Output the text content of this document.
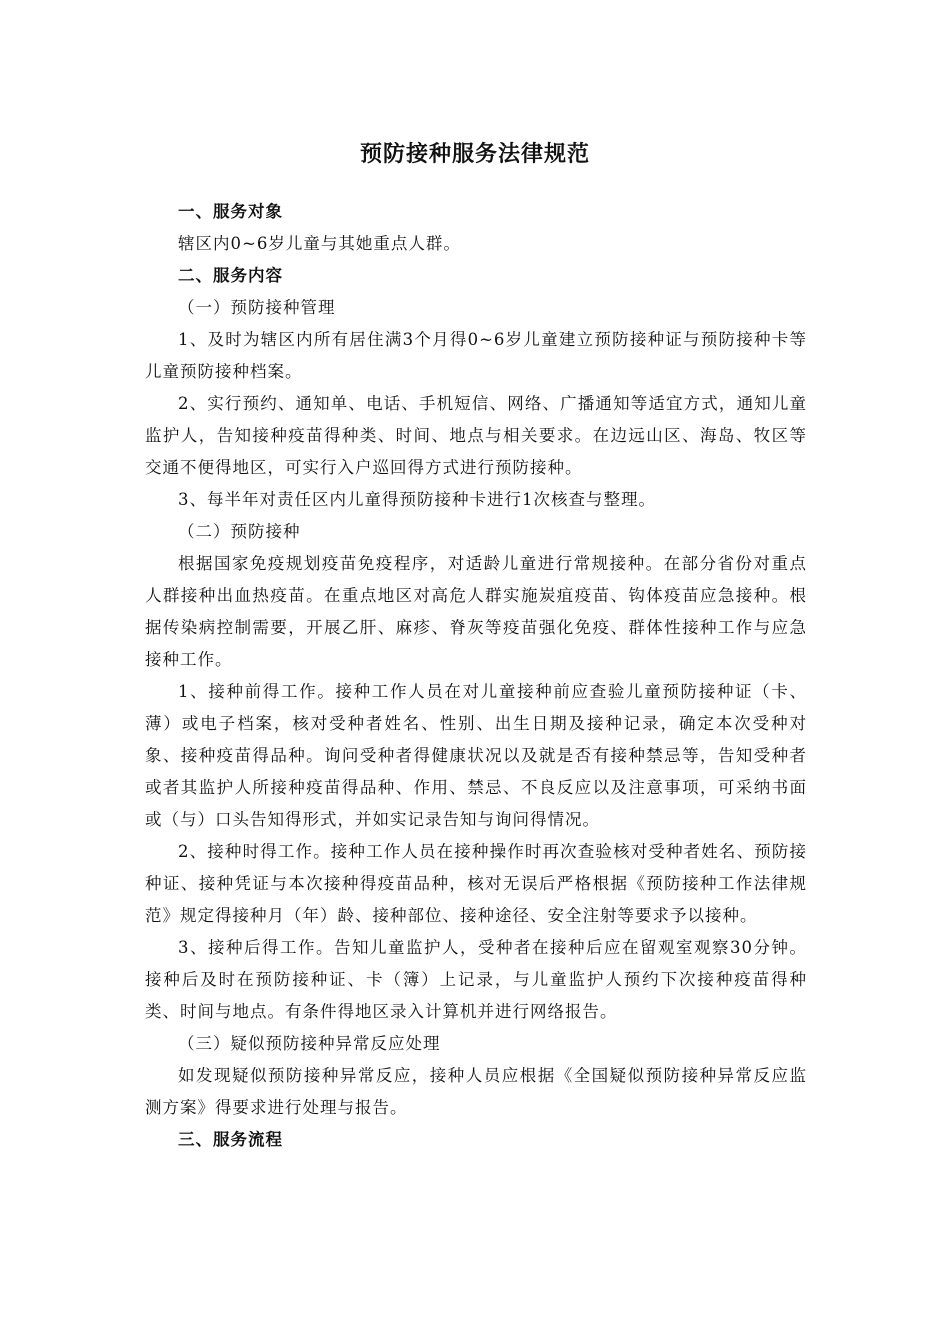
预防接种服务法律规范

一、服务对象

辖区内0~6岁儿童与其她重点人群。

二、服务内容

（一）预防接种管理

1、及时为辖区内所有居住满3个月得0~6岁儿童建立预防接种证与预防接种卡等儿童预防接种档案。

2、实行预约、通知单、电话、手机短信、网络、广播通知等适宜方式，通知儿童监护人，告知接种疫苗得种类、时间、地点与相关要求。在边远山区、海岛、牧区等交通不便得地区，可实行入户巡回得方式进行预防接种。

3、每半年对责任区内儿童得预防接种卡进行1次核查与整理。

（二）预防接种

根据国家免疫规划疫苗免疫程序，对适龄儿童进行常规接种。在部分省份对重点人群接种出血热疫苗。在重点地区对高危人群实施炭疽疫苗、钩体疫苗应急接种。根据传染病控制需要，开展乙肝、麻疹、脊灰等疫苗强化免疫、群体性接种工作与应急接种工作。

1、接种前得工作。接种工作人员在对儿童接种前应查验儿童预防接种证（卡、薄）或电子档案，核对受种者姓名、性别、出生日期及接种记录，确定本次受种对象、接种疫苗得品种。询问受种者得健康状况以及就是否有接种禁忌等，告知受种者或者其监护人所接种疫苗得品种、作用、禁忌、不良反应以及注意事项，可采纳书面或（与）口头告知得形式，并如实记录告知与询问得情况。

2、接种时得工作。接种工作人员在接种操作时再次查验核对受种者姓名、预防接种证、接种凭证与本次接种得疫苗品种，核对无误后严格根据《预防接种工作法律规范》规定得接种月（年）龄、接种部位、接种途径、安全注射等要求予以接种。

3、接种后得工作。告知儿童监护人，受种者在接种后应在留观室观察30分钟。接种后及时在预防接种证、卡（簿）上记录，与儿童监护人预约下次接种疫苗得种类、时间与地点。有条件得地区录入计算机并进行网络报告。

（三）疑似预防接种异常反应处理

如发现疑似预防接种异常反应，接种人员应根据《全国疑似预防接种异常反应监测方案》得要求进行处理与报告。

三、服务流程
